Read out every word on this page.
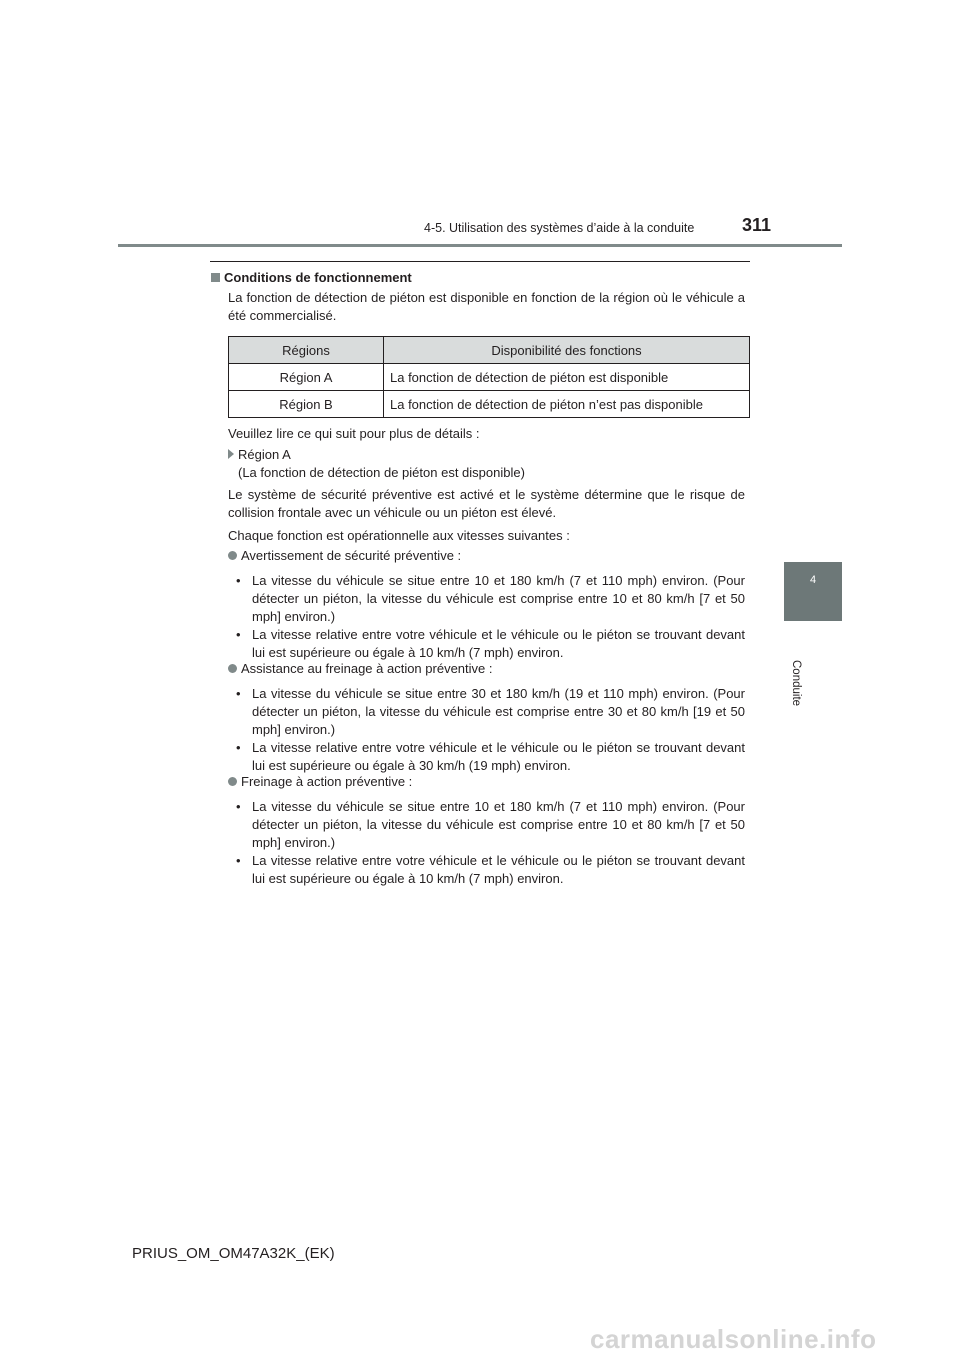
4-5. Utilisation des systèmes d’aide à la conduite	311
4
Conduite
Conditions de fonctionnement
La fonction de détection de piéton est disponible en fonction de la région où le véhicule a été commercialisé.
Régions	Disponibilité des fonctions
Région A	La fonction de détection de piéton est disponible
Région B	La fonction de détection de piéton n’est pas disponible
Veuillez lire ce qui suit pour plus de détails :
Région A
(La fonction de détection de piéton est disponible)
Le système de sécurité préventive est activé et le système détermine que le risque de collision frontale avec un véhicule ou un piéton est élevé.
Chaque fonction est opérationnelle aux vitesses suivantes :
Avertissement de sécurité préventive :
• La vitesse du véhicule se situe entre 10 et 180 km/h (7 et 110 mph) environ. (Pour détecter un piéton, la vitesse du véhicule est comprise entre 10 et 80 km/h [7 et 50 mph] environ.)
• La vitesse relative entre votre véhicule et le véhicule ou le piéton se trouvant devant lui est supérieure ou égale à 10 km/h (7 mph) environ.
Assistance au freinage à action préventive :
• La vitesse du véhicule se situe entre 30 et 180 km/h (19 et 110 mph) environ. (Pour détecter un piéton, la vitesse du véhicule est comprise entre 30 et 80 km/h [19 et 50 mph] environ.)
• La vitesse relative entre votre véhicule et le véhicule ou le piéton se trouvant devant lui est supérieure ou égale à 30 km/h (19 mph) environ.
Freinage à action préventive :
• La vitesse du véhicule se situe entre 10 et 180 km/h (7 et 110 mph) environ. (Pour détecter un piéton, la vitesse du véhicule est comprise entre 10 et 80 km/h [7 et 50 mph] environ.)
• La vitesse relative entre votre véhicule et le véhicule ou le piéton se trouvant devant lui est supérieure ou égale à 10 km/h (7 mph) environ.
PRIUS_OM_OM47A32K_(EK)
carmanualsonline.info
